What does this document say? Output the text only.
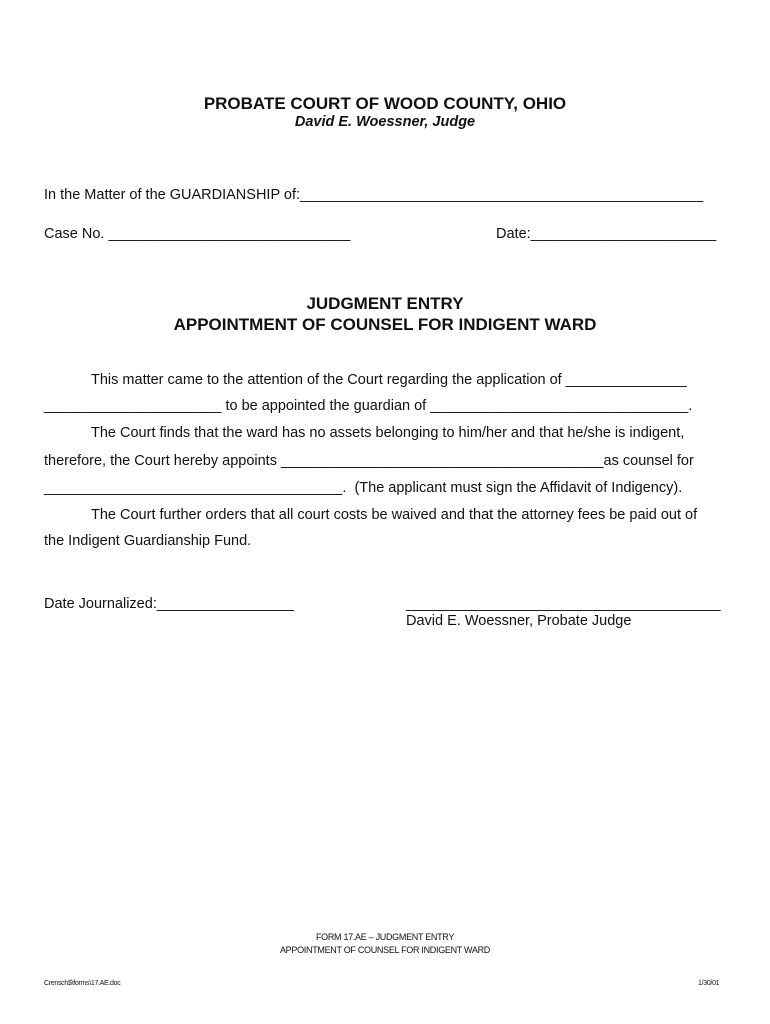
PROBATE COURT OF WOOD COUNTY, OHIO
David E. Woessner, Judge
In the Matter of the GUARDIANSHIP of:__________________________________________________
Case No. ______________________________	Date:_______________________
JUDGMENT ENTRY
APPOINTMENT OF COUNSEL FOR INDIGENT WARD
This matter came to the attention of the Court regarding the application of _______________
______________________ to be appointed the guardian of ________________________________.
The Court finds that the ward has no assets belonging to him/her and that he/she is indigent,
therefore, the Court hereby appoints ________________________________________as counsel for
_____________________________________.  (The applicant must sign the Affidavit of Indigency).
The Court further orders that all court costs be waived and that the attorney fees be paid out of
the Indigent Guardianship Fund.
Date Journalized:_________________	_______________________________________
David E. Woessner, Probate Judge
FORM 17.AE – JUDGMENT ENTRY
APPOINTMENT OF COUNSEL FOR INDIGENT WARD
Crensch$\forms\17.AE.doc	1/30/01
